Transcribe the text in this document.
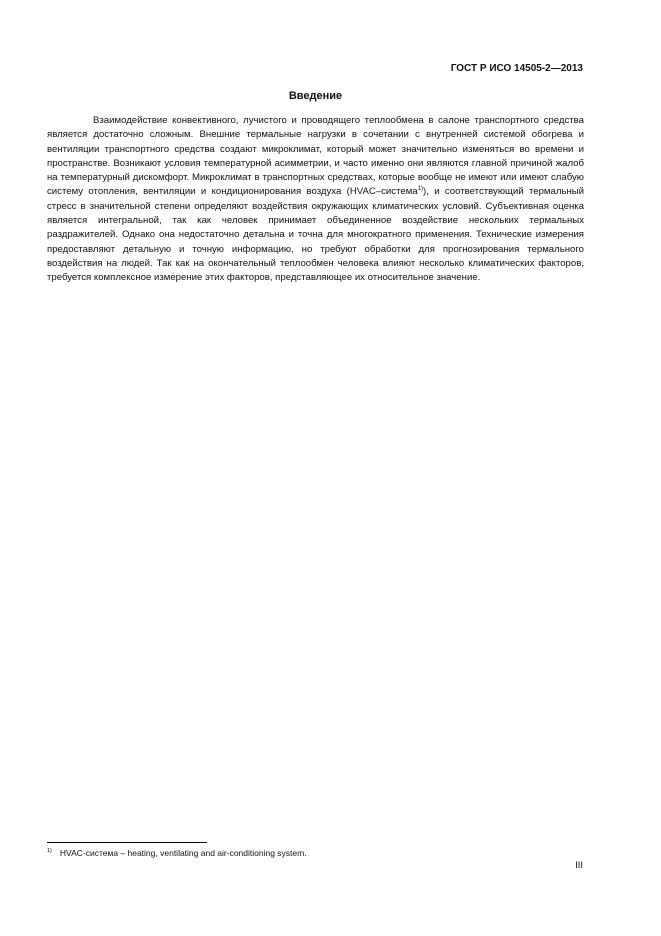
ГОСТ Р ИСО 14505-2—2013
Введение

Взаимодействие конвективного, лучистого и проводящего теплообмена в салоне транспортного средства является достаточно сложным. Внешние термальные нагрузки в сочетании с внутренней системой обогрева и вентиляции транспортного средства создают микроклимат, который может значительно изменяться во времени и пространстве. Возникают условия температурной асимметрии, и часто именно они являются главной причиной жалоб на температурный дискомфорт. Микроклимат в транспортных средствах, которые вообще не имеют или имеют слабую систему отопления, вентиляции и кондиционирования воздуха (HVAC–система$^{1)}$), и соответствующий термальный стресс в значительной степени определяют воздействия окружающих климатических условий. Субъективная оценка является интегральной, так как человек принимает объединенное воздействие нескольких термальных раздражителей. Однако она недостаточно детальна и точна для многократного применения. Технические измерения предоставляют детальную и точную информацию, но требуют обработки для прогнозирования термального воздействия на людей. Так как на окончательный теплообмен человека влияют несколько климатических факторов, требуется комплексное измерение этих факторов, представляющее их относительное значение.

$^{1)}$ HVAC-система – heating, ventilating and air-conditioning system.
III
